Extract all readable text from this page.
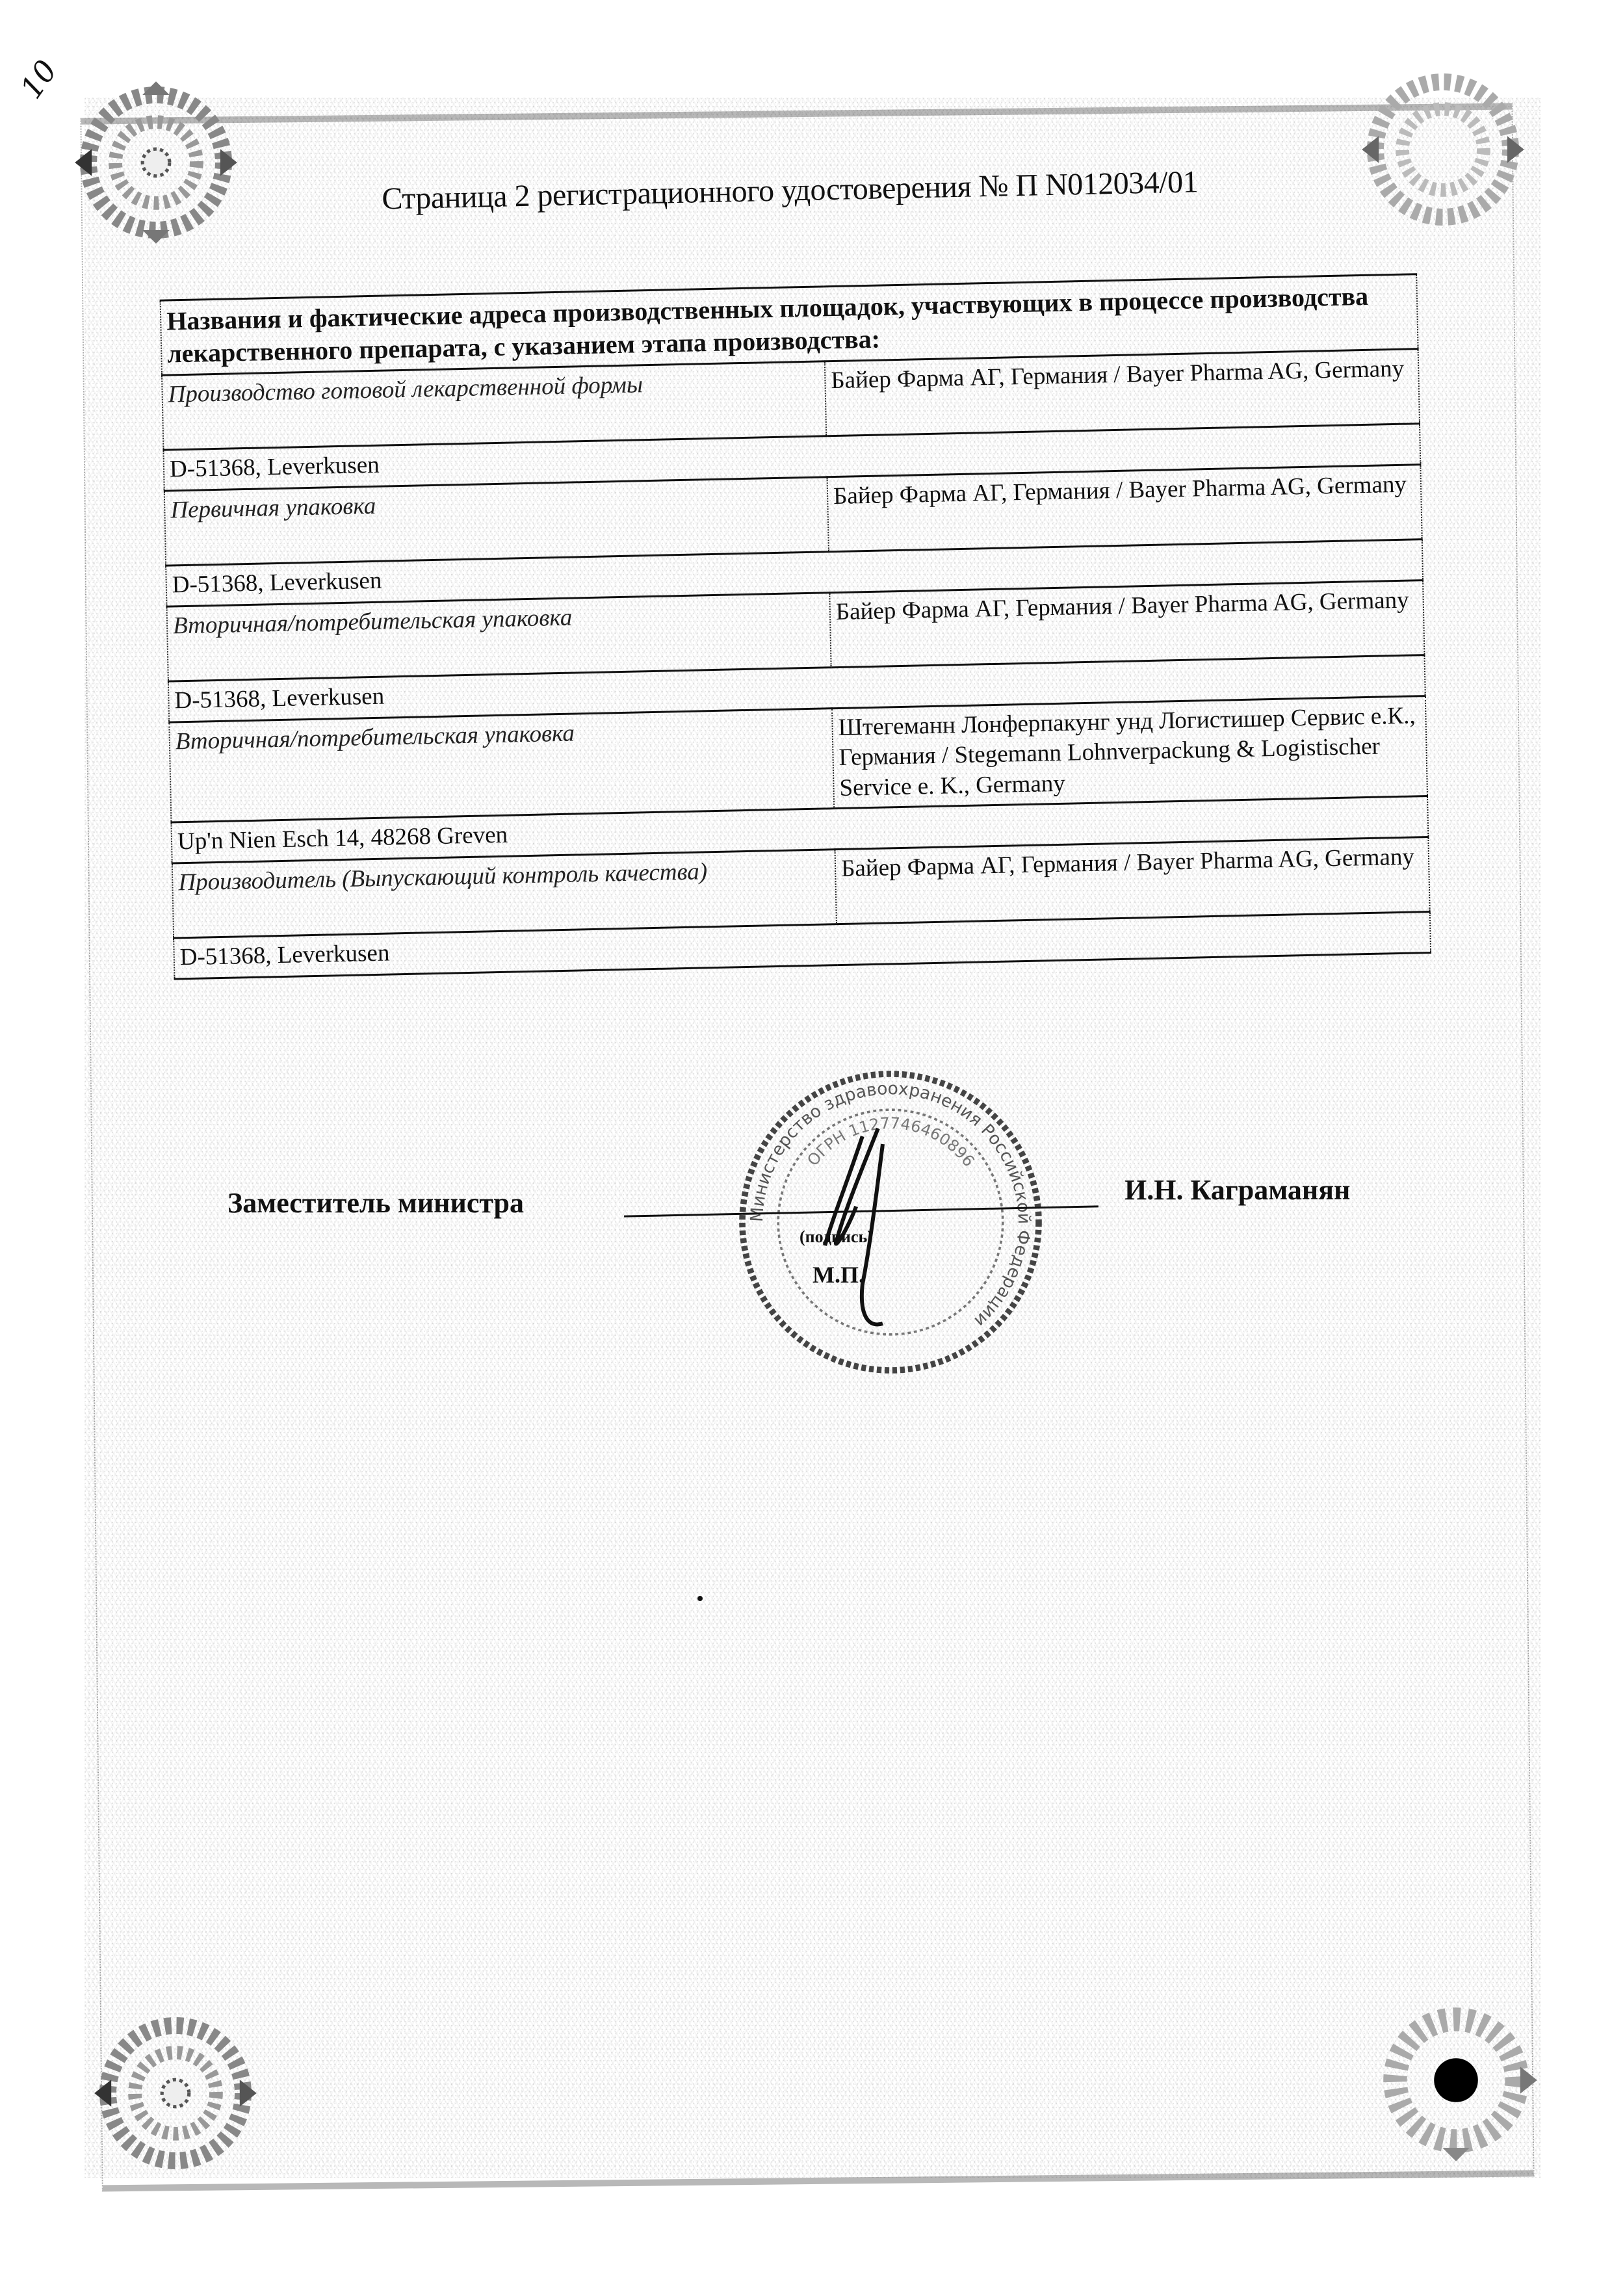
10
Страница 2 регистрационного удостоверения № П N012034/01
Названия и фактические адреса производственных площадок, участвующих в процессе производства лекарственного препарата, с указанием этапа производства:	
Производство готовой лекарственной формы	Байер Фарма АГ, Германия / Bayer Pharma AG, Germany
D-51368, Leverkusen	
Первичная упаковка	Байер Фарма АГ, Германия / Bayer Pharma AG, Germany
D-51368, Leverkusen	
Вторичная/потребительская упаковка	Байер Фарма АГ, Германия / Bayer Pharma AG, Germany
D-51368, Leverkusen	
Вторичная/потребительская упаковка	Штегеманн Лонферпакунг унд Логистишер Сервис е.К., Германия / Stegemann Lohnverpackung & Logistischer Service e. K., Germany
Up'n Nien Esch 14, 48268 Greven	
Производитель (Выпускающий контроль качества)	Байер Фарма АГ, Германия / Bayer Pharma AG, Germany
D-51368, Leverkusen	
Министерство здравоохранения Российской Федерации
ОГРН 1127746460896
Заместитель министра
(подпись)
М.П.
И.Н. Каграманян
